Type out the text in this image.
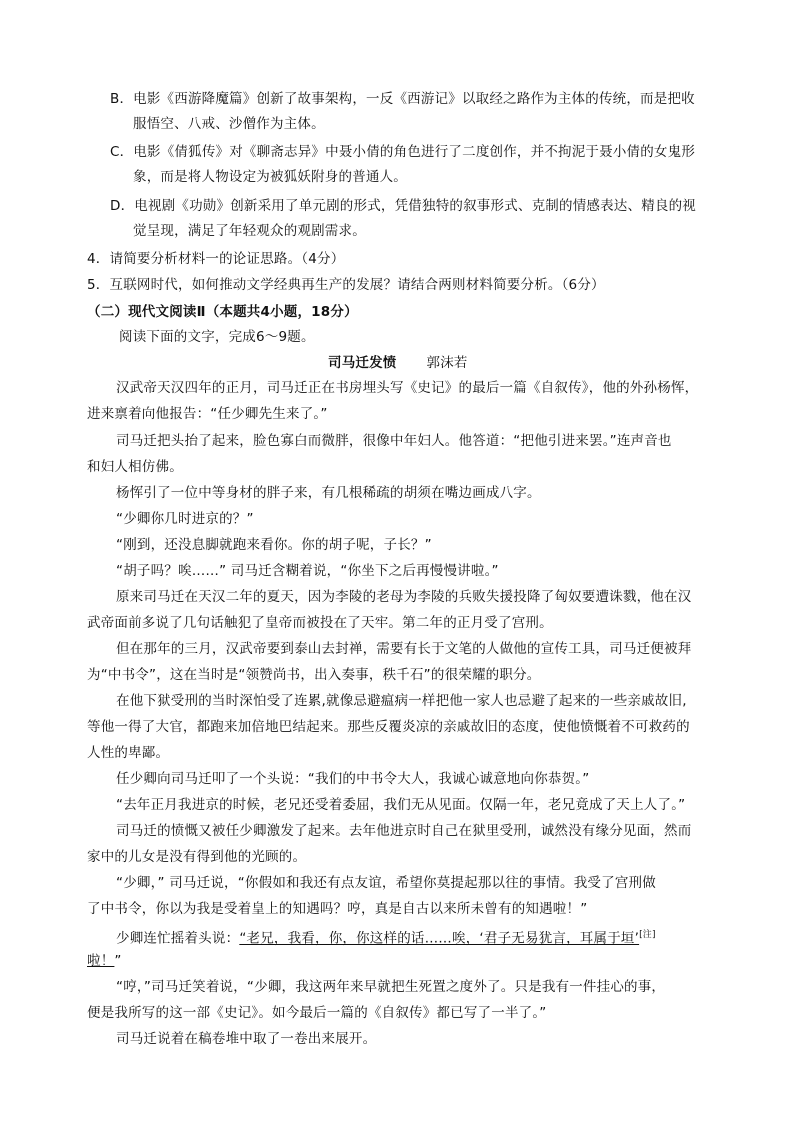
B．电影《西游降魔篇》创新了故事架构，一反《西游记》以取经之路作为主体的传统，而是把收
服悟空、八戒、沙僧作为主体。
C．电影《倩狐传》对《聊斋志异》中聂小倩的角色进行了二度创作，并不拘泥于聂小倩的女鬼形
象，而是将人物设定为被狐妖附身的普通人。
D．电视剧《功勋》创新采用了单元剧的形式，凭借独特的叙事形式、克制的情感表达、精良的视
觉呈现，满足了年轻观众的观剧需求。
4．请简要分析材料一的论证思路。（4分）
5．互联网时代，如何推动文学经典再生产的发展？请结合两则材料简要分析。（6分）
（二）现代文阅读Ⅱ（本题共4小题，18分）
阅读下面的文字，完成6～9题。
司马迁发愤 郭沫若
汉武帝天汉四年的正月，司马迁正在书房埋头写《史记》的最后一篇《自叙传》，他的外孙杨恽，
进来禀着向他报告：“任少卿先生来了。”
司马迁把头抬了起来，脸色寡白而微胖，很像中年妇人。他答道：“把他引进来罢。”连声音也
和妇人相仿佛。
杨恽引了一位中等身材的胖子来，有几根稀疏的胡须在嘴边画成八字。
“少卿你几时进京的？”
“刚到，还没息脚就跑来看你。你的胡子呢，子长？”
“胡子吗？唉……” 司马迁含糊着说，“你坐下之后再慢慢讲啦。”
原来司马迁在天汉二年的夏天，因为李陵的老母为李陵的兵败失援投降了匈奴要遭诛戮，他在汉
武帝面前多说了几句话触犯了皇帝而被投在了天牢。第二年的正月受了宫刑。
但在那年的三月，汉武帝要到泰山去封禅，需要有长于文笔的人做他的宣传工具，司马迁便被拜
为“中书令”，这在当时是“领赞尚书，出入奏事，秩千石”的很荣耀的职分。
在他下狱受刑的当时深怕受了连累,就像忌避瘟病一样把他一家人也忌避了起来的一些亲戚故旧,
等他一得了大官，都跑来加倍地巴结起来。那些反覆炎凉的亲戚故旧的态度，使他愤慨着不可救药的
人性的卑鄙。
任少卿向司马迁叩了一个头说：“我们的中书令大人，我诚心诚意地向你恭贺。”
“去年正月我进京的时候，老兄还受着委屈，我们无从见面。仅隔一年，老兄竟成了天上人了。”
司马迁的愤慨又被任少卿激发了起来。去年他进京时自己在狱里受刑，诚然没有缘分见面，然而
家中的儿女是没有得到他的光顾的。
“少卿，” 司马迁说，“你假如和我还有点友谊，希望你莫提起那以往的事情。我受了宫刑做
了中书令，你以为我是受着皇上的知遇吗？哼，真是自古以来所未曾有的知遇啦！”
少卿连忙摇着头说：“老兄，我看，你，你这样的话……唉，‘君子无易犹言，耳属于垣’[注]
啦！”
“哼，”司马迁笑着说，“少卿，我这两年来早就把生死置之度外了。只是我有一件挂心的事，
便是我所写的这一部《史记》。如今最后一篇的《自叙传》都已写了一半了。”
司马迁说着在稿卷堆中取了一卷出来展开。
